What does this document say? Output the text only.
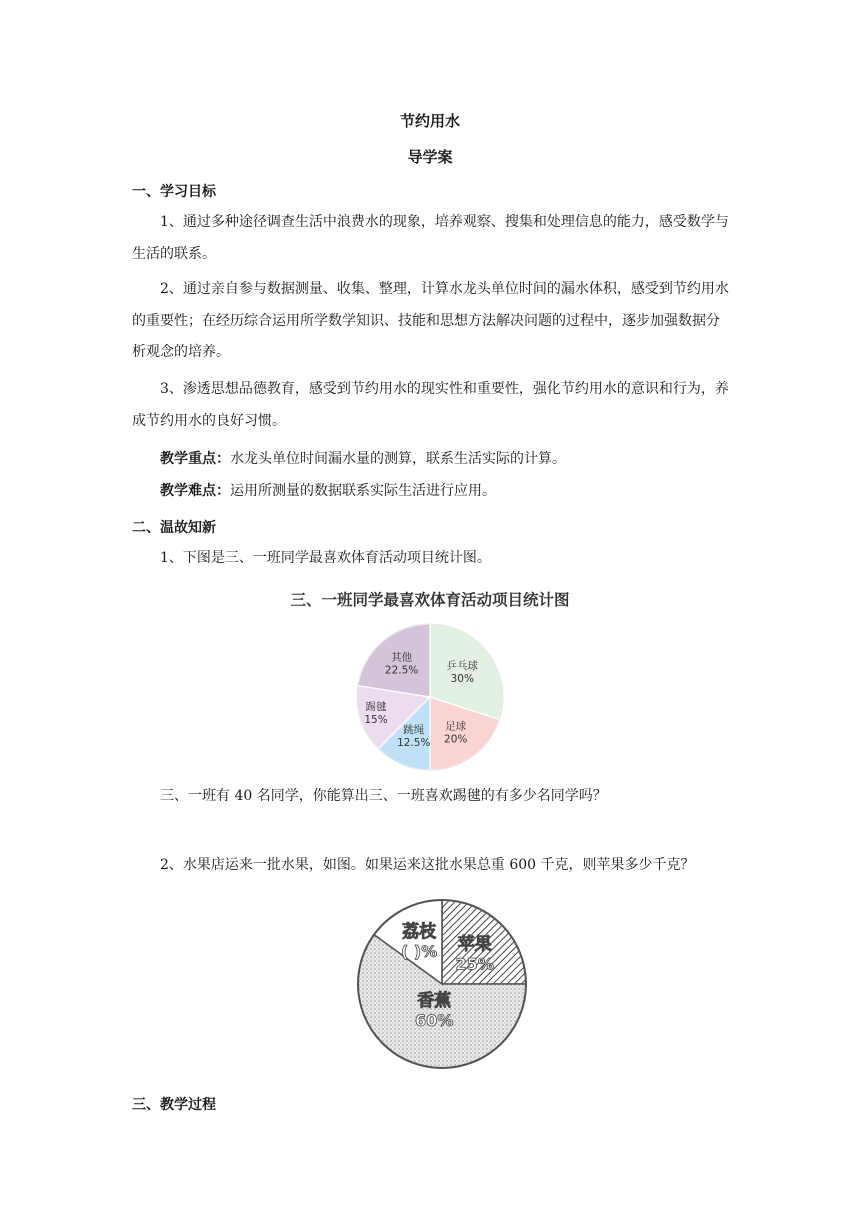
节约用水
导学案
一、学习目标
1、通过多种途径调查生活中浪费水的现象，培养观察、搜集和处理信息的能力，感受数学与生活的联系。
2、通过亲自参与数据测量、收集、整理，计算水龙头单位时间的漏水体积，感受到节约用水的重要性；在经历综合运用所学数学知识、技能和思想方法解决问题的过程中，逐步加强数据分析观念的培养。
3、渗透思想品德教育，感受到节约用水的现实性和重要性，强化节约用水的意识和行为，养成节约用水的良好习惯。
教学重点：水龙头单位时间漏水量的测算，联系生活实际的计算。
教学难点：运用所测量的数据联系实际生活进行应用。
二、温故知新
1、下图是三、一班同学最喜欢体育活动项目统计图。
三、一班同学最喜欢体育活动项目统计图
乒乓球
30%
足球
20%
跳绳
12.5%
踢毽
15%
其他
22.5%
三、一班有 40 名同学，你能算出三、一班喜欢踢毽的有多少名同学吗？
2、水果店运来一批水果，如图。如果运来这批水果总重 600 千克，则苹果多少千克？
苹果
25%
香蕉
60%
荔枝
( )%
三、教学过程
